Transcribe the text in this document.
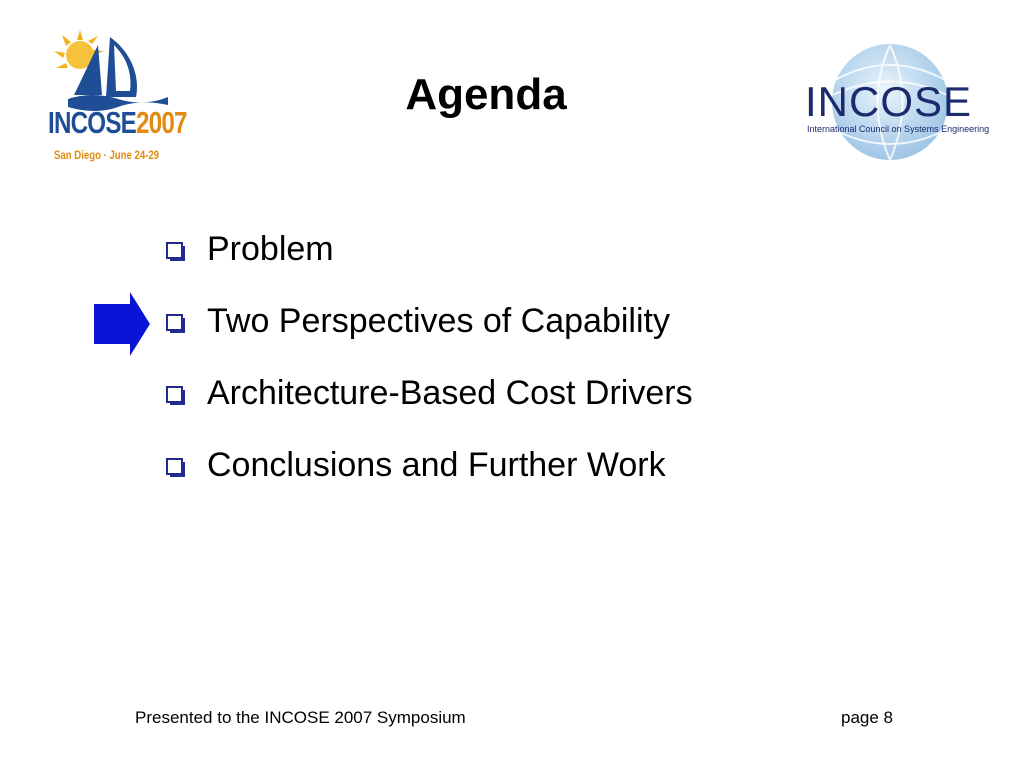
INCOSE2007
San Diego · June 24-29
Agenda	INCOSE
International Council on Systems Engineering
Problem
Two Perspectives of Capability
Architecture-Based Cost Drivers
Conclusions and Further Work
Presented to the INCOSE 2007 Symposium	page 8
